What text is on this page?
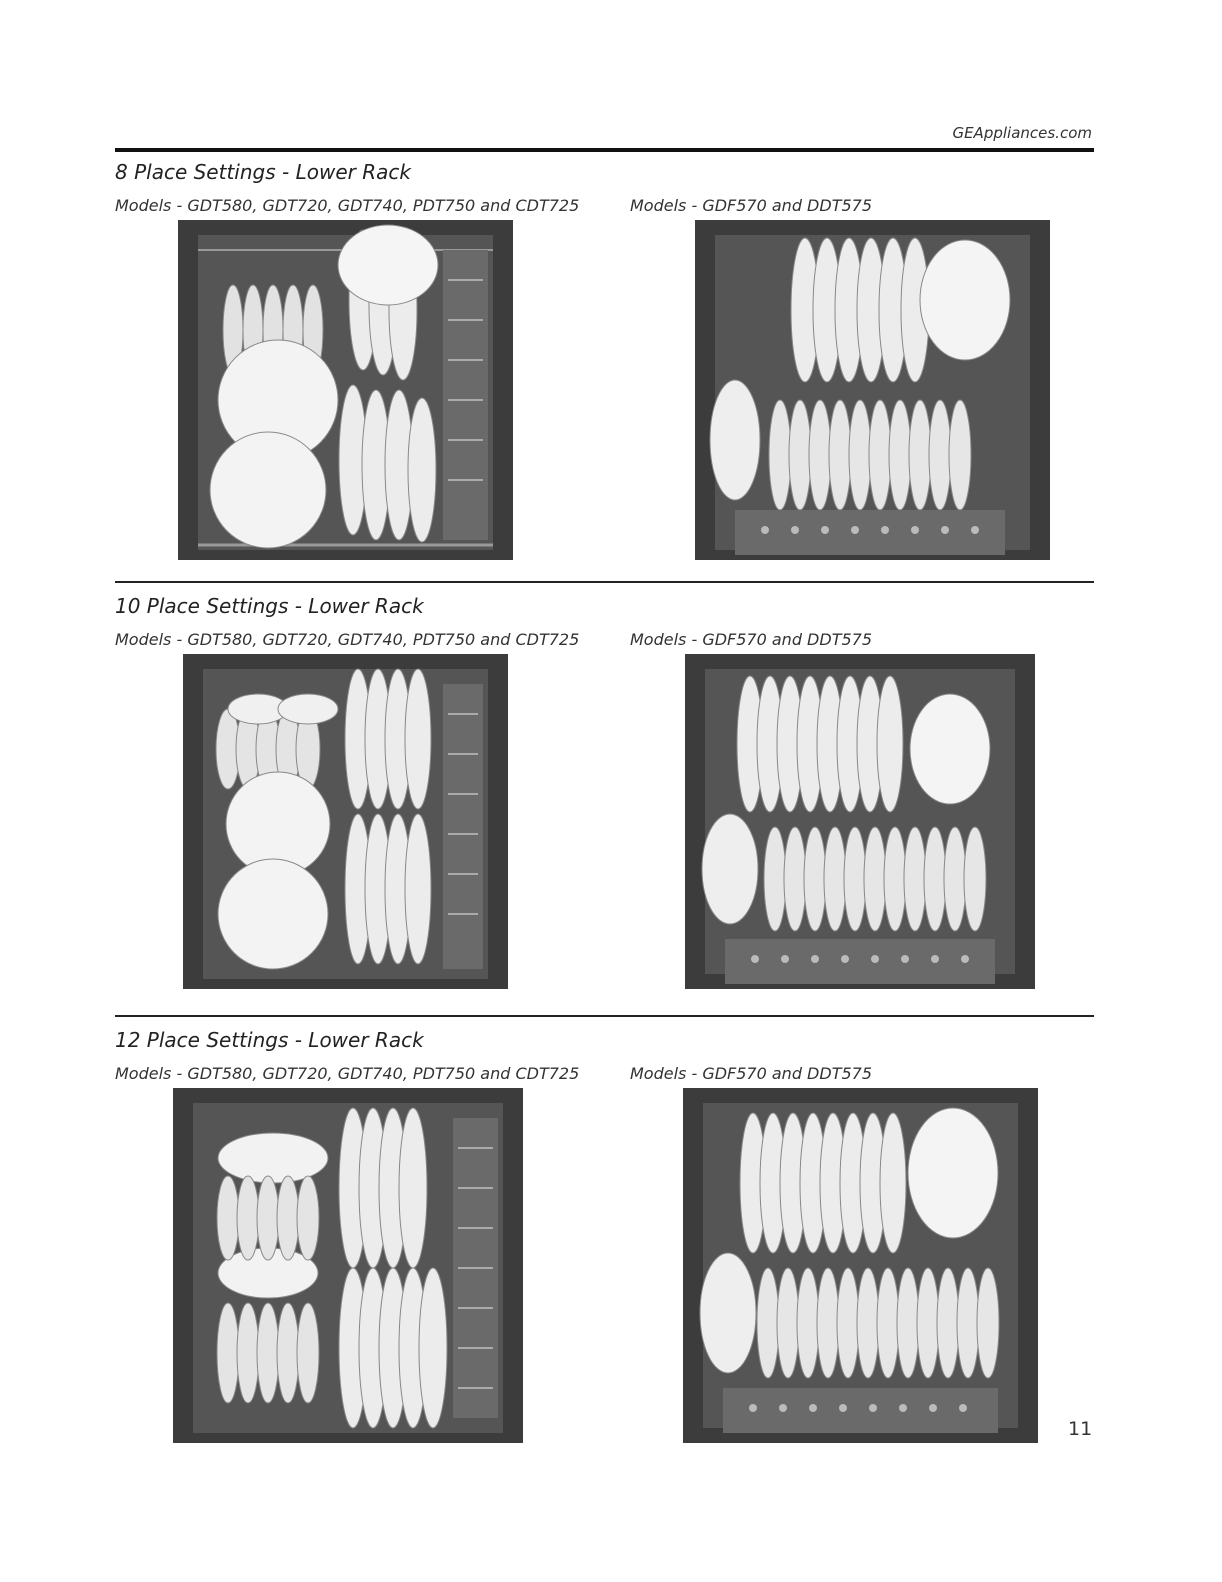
GEAppliances.com
8 Place Settings - Lower Rack
Models - GDT580, GDT720, GDT740, PDT750 and CDT725	Models - GDF570 and DDT575
10 Place Settings - Lower Rack
Models - GDT580, GDT720, GDT740, PDT750 and CDT725	Models - GDF570 and DDT575
12 Place Settings - Lower Rack
Models - GDT580, GDT720, GDT740, PDT750 and CDT725	Models - GDF570 and DDT575
11
